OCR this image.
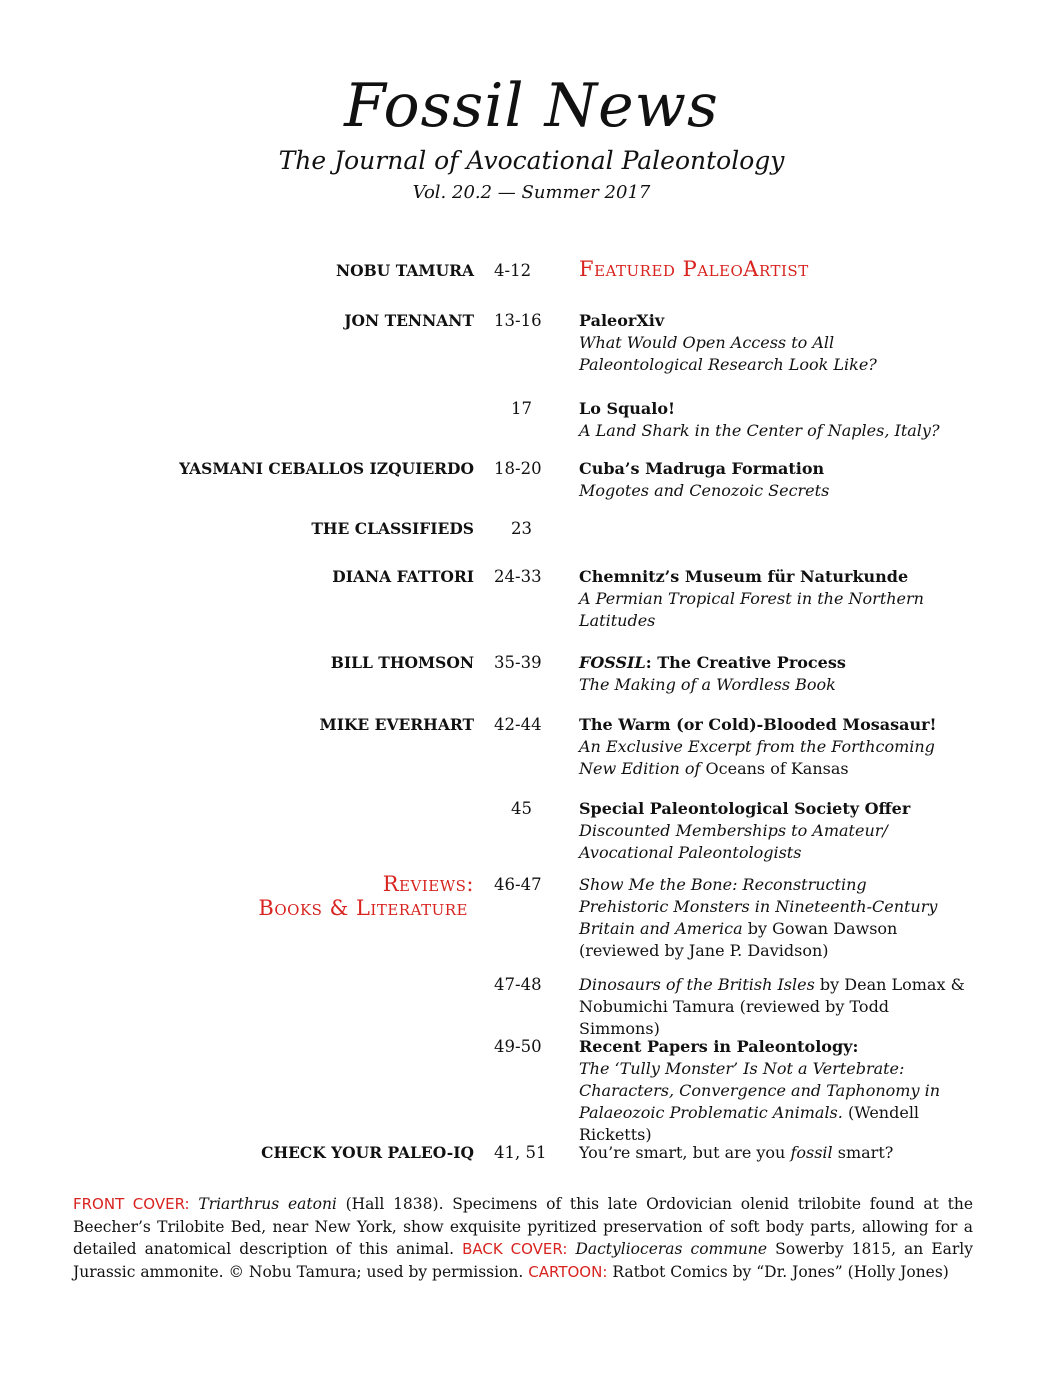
Fossil News
The Journal of Avocational Paleontology
Vol. 20.2 — Summer 2017
NOBU TAMURA 4-12	Featured PaleoArtist
JON TENNANT 13-16	PaleorXiv
What Would Open Access to All Paleontological Research Look Like?
17	Lo Squalo!
A Land Shark in the Center of Naples, Italy?
YASMANI CEBALLOS IZQUIERDO 18-20	Cuba’s Madruga Formation
Mogotes and Cenozoic Secrets
THE CLASSIFIEDS 23
DIANA FATTORI 24-33	Chemnitz’s Museum für Naturkunde
A Permian Tropical Forest in the Northern Latitudes
BILL THOMSON 35-39	FOSSIL: The Creative Process
The Making of a Wordless Book
MIKE EVERHART 42-44	The Warm (or Cold)-Blooded Mosasaur!
An Exclusive Excerpt from the Forthcoming New Edition of Oceans of Kansas
45	Special Paleontological Society Offer
Discounted Memberships to Amateur/ Avocational Paleontologists
Reviews:
Books & Literature
46-47	Show Me the Bone: Reconstructing Prehistoric Monsters in Nineteenth-Century Britain and America by Gowan Dawson (reviewed by Jane P. Davidson)
47-48	Dinosaurs of the British Isles by Dean Lomax & Nobumichi Tamura (reviewed by Todd Simmons)
49-50	Recent Papers in Paleontology:
The ‘Tully Monster’ Is Not a Vertebrate: Characters, Convergence and Taphonomy in Palaeozoic Problematic Animals. (Wendell Ricketts)
CHECK YOUR PALEO-IQ 41, 51	You’re smart, but are you fossil smart?
FRONT COVER: Triarthrus eatoni (Hall 1838). Specimens of this late Ordovician olenid trilobite found at the Beecher’s Trilobite Bed, near New York, show exquisite pyritized preservation of soft body parts, allowing for a detailed anatomical description of this animal. BACK COVER: Dactylioceras commune Sowerby 1815, an Early Jurassic ammonite. © Nobu Tamura; used by permission. CARTOON: Ratbot Comics by “Dr. Jones” (Holly Jones)
